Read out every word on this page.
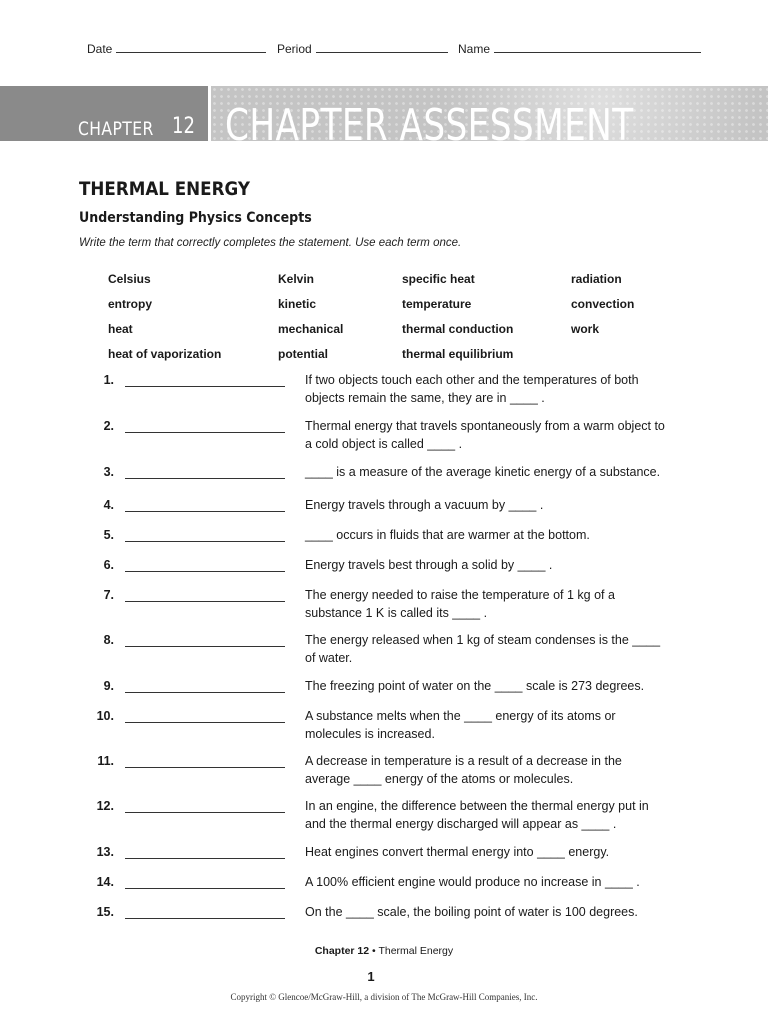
Date	Period	Name
CHAPTER 12 CHAPTER ASSESSMENT
THERMAL ENERGY
Understanding Physics Concepts
Write the term that correctly completes the statement. Use each term once.
Celsius	Kelvin	specific heat	radiation
entropy	kinetic	temperature	convection
heat	mechanical	thermal conduction	work
heat of vaporization	potential	thermal equilibrium
1.	If two objects touch each other and the temperatures of both objects remain the same, they are in ____ .
2.	Thermal energy that travels spontaneously from a warm object to a cold object is called ____ .
3.	____ is a measure of the average kinetic energy of a substance.
4.	Energy travels through a vacuum by ____ .
5.	____ occurs in fluids that are warmer at the bottom.
6.	Energy travels best through a solid by ____ .
7.	The energy needed to raise the temperature of 1 kg of a substance 1 K is called its ____ .
8.	The energy released when 1 kg of steam condenses is the ____ of water.
9.	The freezing point of water on the ____ scale is 273 degrees.
10.	A substance melts when the ____ energy of its atoms or molecules is increased.
11.	A decrease in temperature is a result of a decrease in the average ____ energy of the atoms or molecules.
12.	In an engine, the difference between the thermal energy put in and the thermal energy discharged will appear as ____ .
13.	Heat engines convert thermal energy into ____ energy.
14.	A 100% efficient engine would produce no increase in ____ .
15.	On the ____ scale, the boiling point of water is 100 degrees.
Chapter 12 • Thermal Energy
1
Copyright © Glencoe/McGraw-Hill, a division of The McGraw-Hill Companies, Inc.
